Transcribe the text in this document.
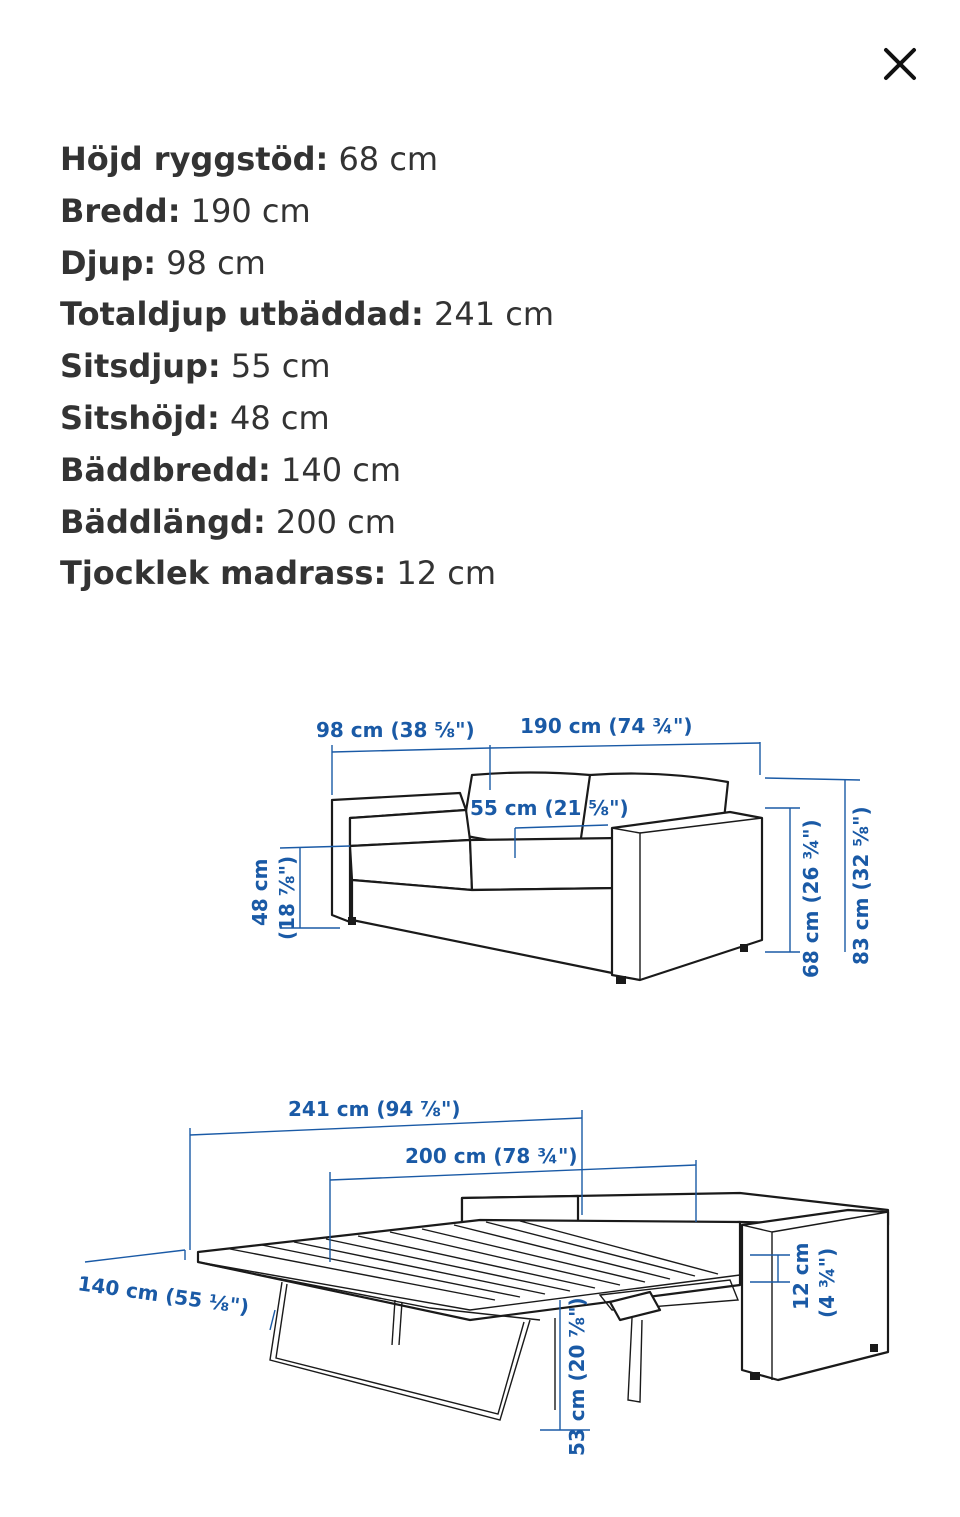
Höjd ryggstöd: 68 cm
Bredd: 190 cm
Djup: 98 cm
Totaldjup utbäddad: 241 cm
Sitsdjup: 55 cm
Sitshöjd: 48 cm
Bäddbredd: 140 cm
Bäddlängd: 200 cm
Tjocklek madrass: 12 cm
98 cm (38 ⅝") 190 cm (74 ¾")
55 cm (21 ⅝")
48 cm (18 ⅞")	68 cm (26 ¾") 83 cm (32 ⅝")
241 cm (94 ⅞")
200 cm (78 ¾")
140 cm (55 ⅛")	12 cm (4 ¾")
53 cm (20 ⅞")
